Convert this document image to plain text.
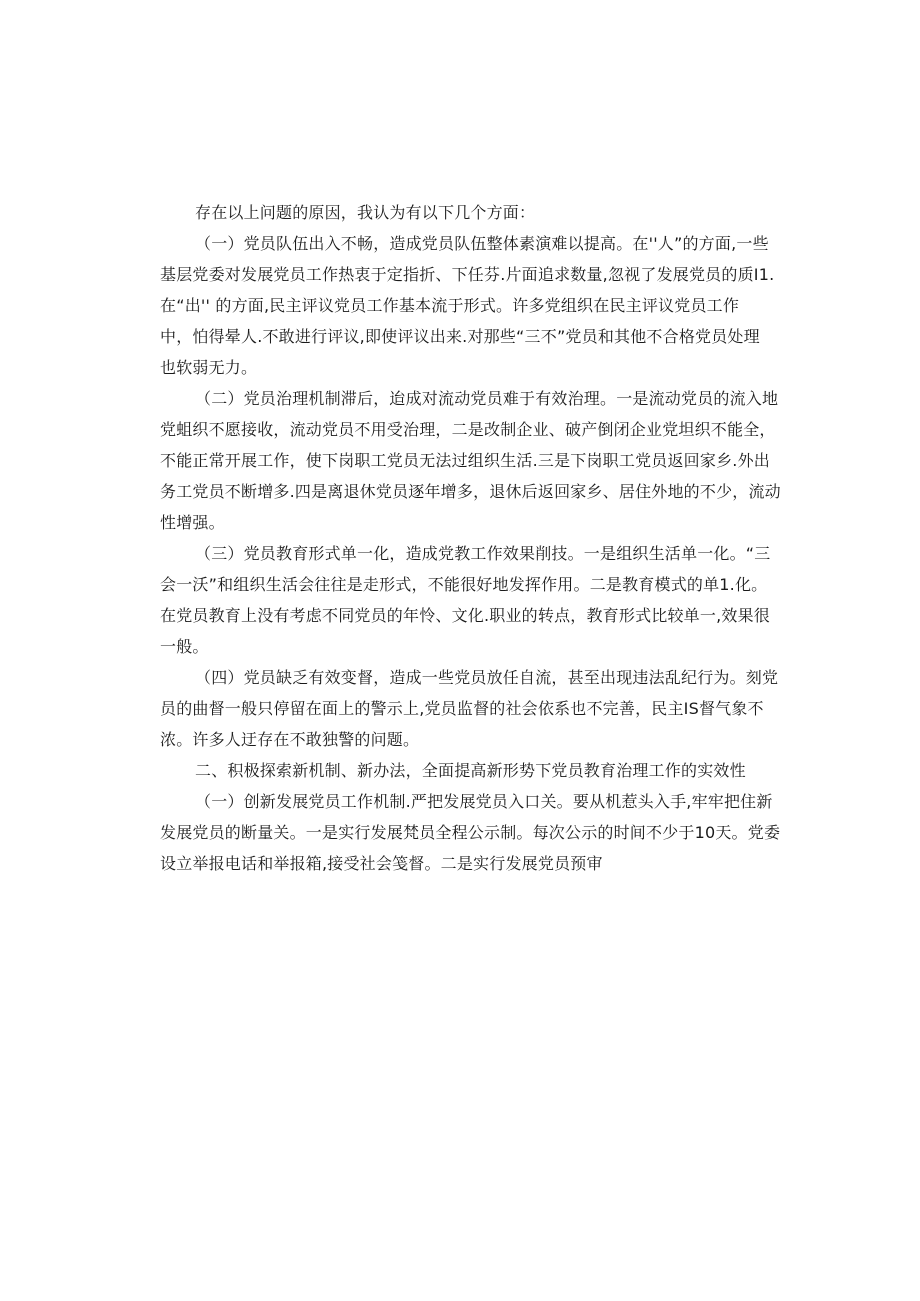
存在以上问题的原因，我认为有以下几个方面：
（一）党员队伍出入不畅，造成党员队伍整体素演难以提高。在''人”的方面,一些
基层党委对发展党员工作热衷于定指折、下任芬.片面追求数量,忽视了发展党员的质I1.
在“出'' 的方面,民主评议党员工作基本流于形式。许多党组织在民主评议党员工作
中，怕得晕人.不敢进行评议,即使评议出来.对那些“三不”党员和其他不合格党员处理
也软弱无力。
（二）党员治理机制滞后，迨成对流动党员难于有效治理。一是流动党员的流入地
党蛆织不愿接收，流动党员不用受治理，二是改制企业、破产倒闭企业党坦织不能全，
不能正常开展工作，使下岗职工党员无法过组织生活.三是下岗职工党员返回家乡.外出
务工党员不断增多.四是离退休党员逐年增多，退休后返回家乡、居住外地的不少，流动
性增强。
（三）党员教育形式单一化，造成党教工作效果削技。一是组织生活单一化。“三
会一沃”和组织生活会往往是走形式，不能很好地发挥作用。二是教育模式的单1.化。
在党员教育上没有考虑不同党员的年怜、文化.职业的转点，教育形式比较单一,效果很
一般。
（四）党员缺乏有效变督，造成一些党员放任自流，甚至出现违法乱纪行为。刻党
员的曲督一般只停留在面上的警示上,党员监督的社会依系也不完善，民主IS督气象不
浓。许多人迂存在不敢独警的问题。
二、积极探索新机制、新办法，全面提高新形势下党员教育治理工作的实效性
（一）创新发展党员工作机制.严把发展党员入口关。要从机惹头入手,牢牢把住新
发展党员的断量关。一是实行发展梵员全程公示制。每次公示的时间不少于10天。党委
设立举报电话和举报箱,接受社会笺督。二是实行发展党员预审
